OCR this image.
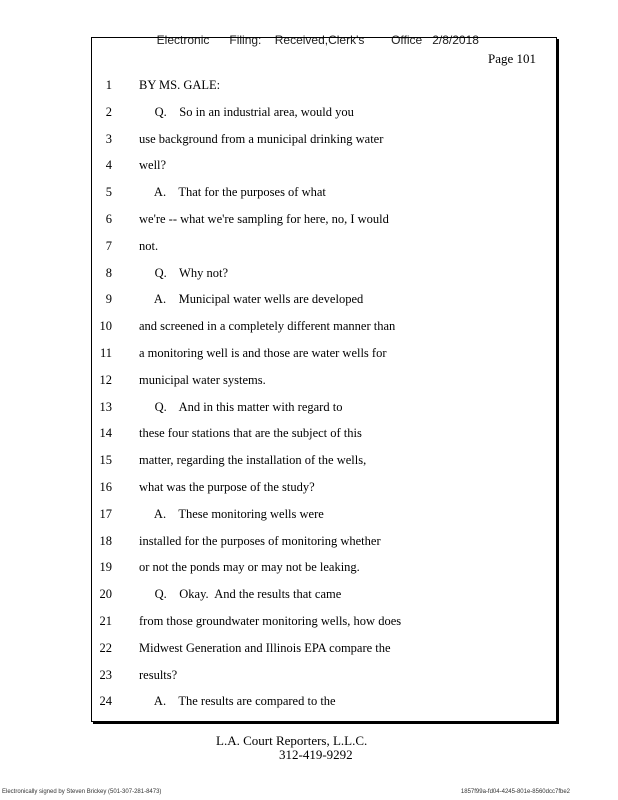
Electronic Filing: Received,Clerk's Office 2/8/2018

Page 101
1 BY MS. GALE:
2 Q.    So in an industrial area, would you
3 use background from a municipal drinking water
4 well?
5 A.    That for the purposes of what
6 we're -- what we're sampling for here, no, I would
7 not.
8 Q.    Why not?
9 A.    Municipal water wells are developed
10 and screened in a completely different manner than
11 a monitoring well is and those are water wells for
12 municipal water systems.
13 Q.    And in this matter with regard to
14 these four stations that are the subject of this
15 matter, regarding the installation of the wells,
16 what was the purpose of the study?
17 A.    These monitoring wells were
18 installed for the purposes of monitoring whether
19 or not the ponds may or may not be leaking.
20 Q.    Okay.  And the results that came
21 from those groundwater monitoring wells, how does
22 Midwest Generation and Illinois EPA compare the
23 results?
24 A.    The results are compared to the
L.A. Court Reporters, L.L.C.
312-419-9292
Electronically signed by Steven Brickey (501-307-281-8473)	1857f99a-fd04-4245-801e-8560dcc7fbe2
